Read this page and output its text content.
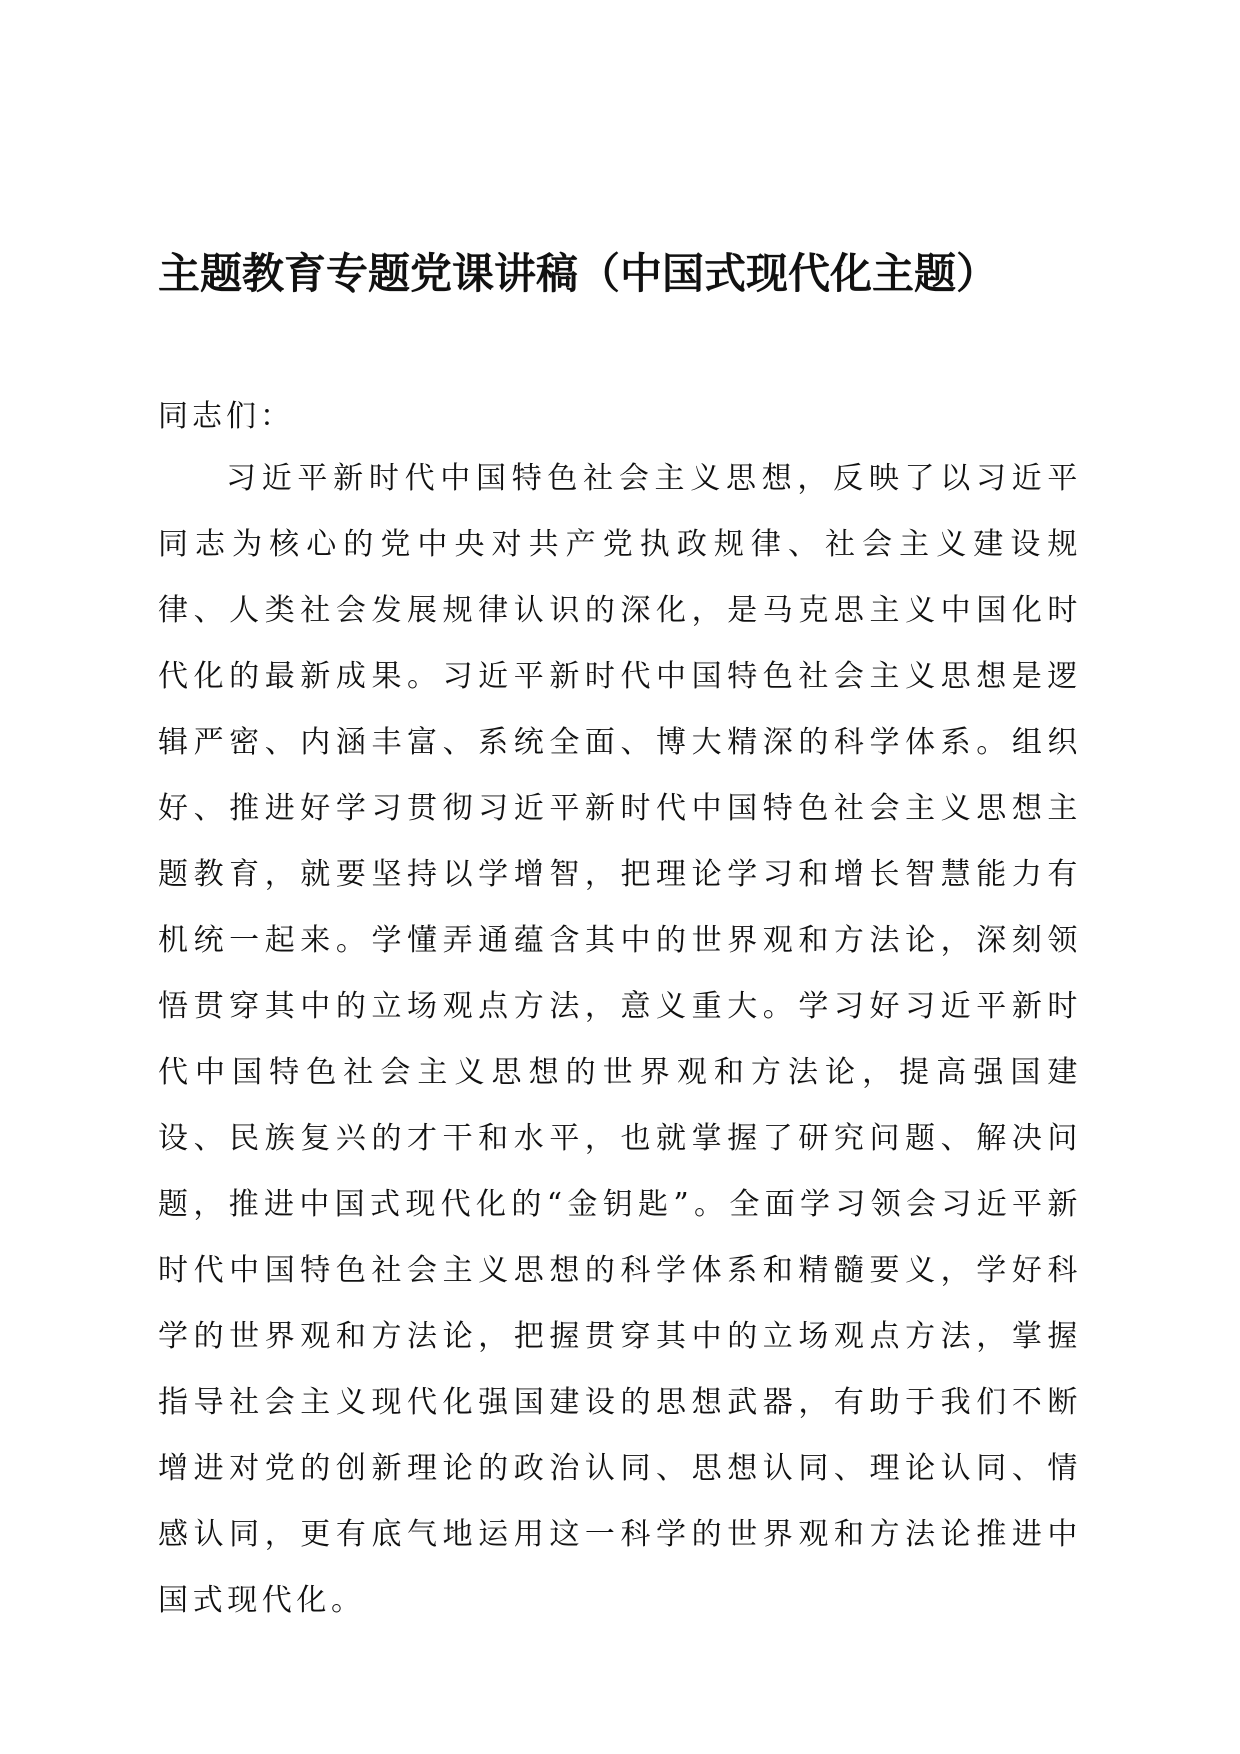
主题教育专题党课讲稿（中国式现代化主题）

同志们：

习近平新时代中国特色社会主义思想，反映了以习近平同志为核心的党中央对共产党执政规律、社会主义建设规律、人类社会发展规律认识的深化，是马克思主义中国化时代化的最新成果。习近平新时代中国特色社会主义思想是逻辑严密、内涵丰富、系统全面、博大精深的科学体系。组织好、推进好学习贯彻习近平新时代中国特色社会主义思想主题教育，就要坚持以学增智，把理论学习和增长智慧能力有机统一起来。学懂弄通蕴含其中的世界观和方法论，深刻领悟贯穿其中的立场观点方法，意义重大。学习好习近平新时代中国特色社会主义思想的世界观和方法论，提高强国建设、民族复兴的才干和水平，也就掌握了研究问题、解决问题，推进中国式现代化的“金钥匙”。全面学习领会习近平新时代中国特色社会主义思想的科学体系和精髓要义，学好科学的世界观和方法论，把握贯穿其中的立场观点方法，掌握指导社会主义现代化强国建设的思想武器，有助于我们不断增进对党的创新理论的政治认同、思想认同、理论认同、情感认同，更有底气地运用这一科学的世界观和方法论推进中国式现代化。
